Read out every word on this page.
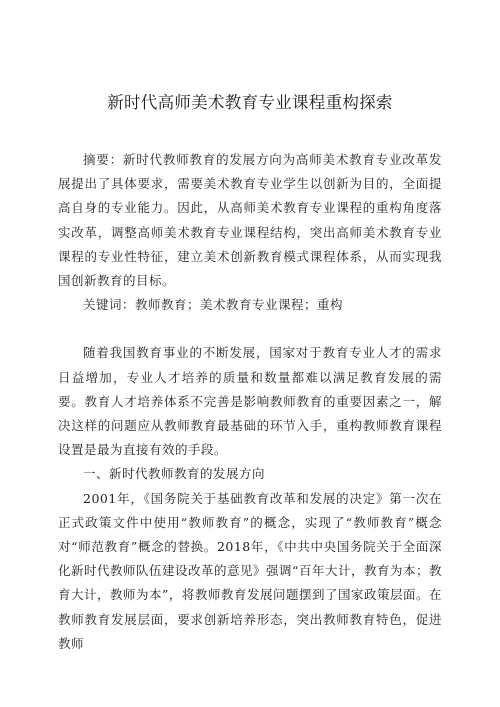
新时代高师美术教育专业课程重构探索

摘要：新时代教师教育的发展方向为高师美术教育专业改革发展提出了具体要求，需要美术教育专业学生以创新为目的，全面提高自身的专业能力。因此，从高师美术教育专业课程的重构角度落实改革，调整高师美术教育专业课程结构，突出高师美术教育专业课程的专业性特征，建立美术创新教育模式课程体系，从而实现我国创新教育的目标。

关键词：教师教育；美术教育专业课程；重构

随着我国教育事业的不断发展，国家对于教育专业人才的需求日益增加，专业人才培养的质量和数量都难以满足教育发展的需要。教育人才培养体系不完善是影响教师教育的重要因素之一，解决这样的问题应从教师教育最基础的环节入手，重构教师教育课程设置是最为直接有效的手段。

一、新时代教师教育的发展方向

2001年，《国务院关于基础教育改革和发展的决定》第一次在正式政策文件中使用“教师教育”的概念，实现了“教师教育”概念对“师范教育”概念的替换。2018年，《中共中央国务院关于全面深化新时代教师队伍建设改革的意见》强调“百年大计，教育为本；教育大计，教师为本”，将教师教育发展问题摆到了国家政策层面。在教师教育发展层面，要求创新培养形态，突出教师教育特色，促进教师
